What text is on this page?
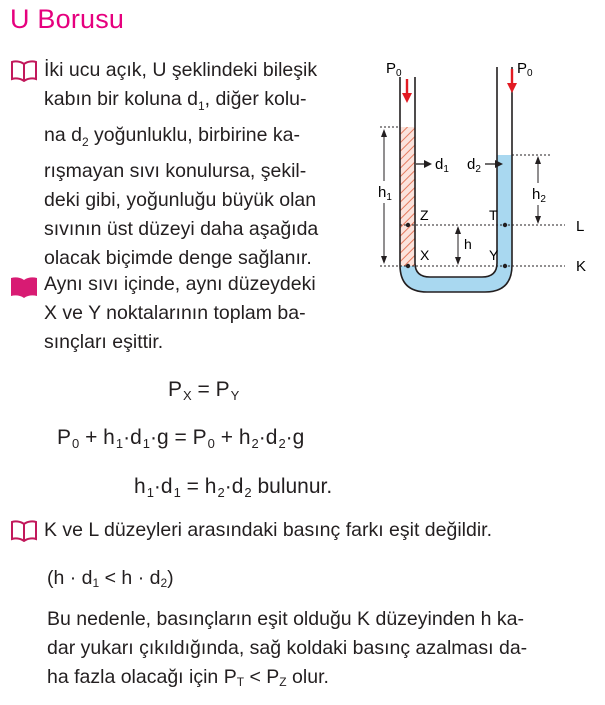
U Borusu
İki ucu açık, U şeklindeki bileşik
kabın bir koluna $d_1$, diğer kolu-
na $d_2$ yoğunluklu, birbirine ka-
rışmayan sıvı konulursa, şekil-
deki gibi, yoğunluğu büyük olan
sıvının üst düzeyi daha aşağıda
olacak biçimde denge sağlanır.
Aynı sıvı içinde, aynı düzeydeki
X ve Y noktalarının toplam ba-
sınçları eşittir.
$P_X = P_Y$
$P_0 + h_1\cdot d_1\cdot g = P_0 + h_2\cdot d_2\cdot g$
$h_1\cdot d_1 = h_2\cdot d_2$ bulunur.
K ve L düzeyleri arasındaki basınç farkı eşit değildir.
$(h \cdot d_1 < h \cdot d_2)$
Bu nedenle, basınçların eşit olduğu K düzeyinden h ka-
dar yukarı çıkıldığında, sağ koldaki basınç azalması da-
ha fazla olacağı için $P_T < P_Z$ olur.
$P_0$	$P_0$
$d_1$ $d_2$
$h_1$	$h_2$
h
Z	T
X	Y
L
K
